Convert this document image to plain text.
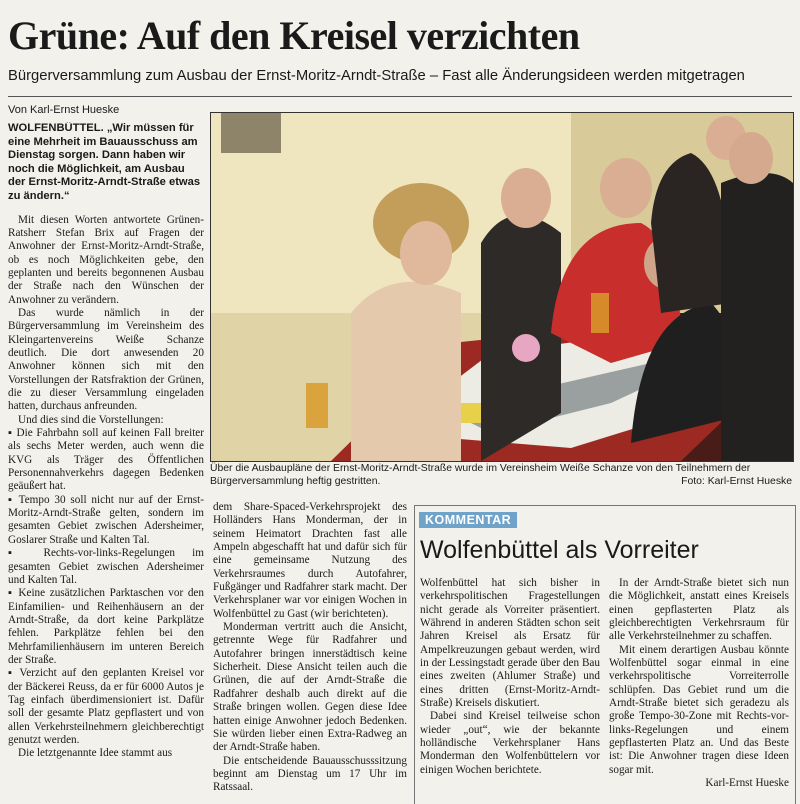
Grüne: Auf den Kreisel verzichten
Bürgerversammlung zum Ausbau der Ernst-Moritz-Arndt-Straße – Fast alle Änderungsideen werden mitgetragen
Von Karl-Ernst Hueske

WOLFENBÜTTEL. „Wir müssen für eine Mehrheit im Bauausschuss am Dienstag sorgen. Dann haben wir noch die Möglichkeit, am Ausbau der Ernst-Moritz-Arndt-Straße etwas zu ändern.“

Mit diesen Worten antwortete Grünen-Ratsherr Stefan Brix auf Fragen der Anwohner der Ernst-Moritz-Arndt-Straße, ob es noch Möglichkeiten gebe, den geplanten und bereits begonnenen Ausbau der Straße nach den Wünschen der Anwohner zu verändern.

Das wurde nämlich in der Bürgerversammlung im Vereinsheim des Kleingartenvereins Weiße Schanze deutlich. Die dort anwesenden 20 Anwohner können sich mit den Vorstellungen der Ratsfraktion der Grünen, die zu dieser Versammlung eingeladen hatten, durchaus anfreunden.

Und dies sind die Vorstellungen:

▪ Die Fahrbahn soll auf keinen Fall breiter als sechs Meter werden, auch wenn die KVG als Träger des Öffentlichen Personennahverkehrs dagegen Bedenken geäußert hat.

▪ Tempo 30 soll nicht nur auf der Ernst-Moritz-Arndt-Straße gelten, sondern im gesamten Gebiet zwischen Adersheimer, Goslarer Straße und Kalten Tal.

▪ Rechts-vor-links-Regelungen im gesamten Gebiet zwischen Adersheimer und Kalten Tal.

▪ Keine zusätzlichen Parktaschen vor den Einfamilien- und Reihenhäusern an der Arndt-Straße, da dort keine Parkplätze fehlen. Parkplätze fehlen bei den Mehrfamilienhäusern im unteren Bereich der Straße.

▪ Verzicht auf den geplanten Kreisel vor der Bäckerei Reuss, da er für 6000 Autos je Tag einfach überdimensioniert ist. Dafür soll der gesamte Platz gepflastert und von allen Verkehrsteilnehmern gleichberechtigt genutzt werden.

Die letztgenannte Idee stammt aus

Über die Ausbaupläne der Ernst-Moritz-Arndt-Straße wurde im Vereinsheim Weiße Schanze von den Teilnehmern der Bürgerversammlung heftig gestritten.	Foto: Karl-Ernst Hueske

dem Share-Spaced-Verkehrsprojekt des Holländers Hans Monderman, der in seinem Heimatort Drachten fast alle Ampeln abgeschafft hat und dafür sich für eine gemeinsame Nutzung des Verkehrsraumes durch Autofahrer, Fußgänger und Radfahrer stark macht. Der Verkehrsplaner war vor einigen Wochen in Wolfenbüttel zu Gast (wir berichteten).

Monderman vertritt auch die Ansicht, getrennte Wege für Radfahrer und Autofahrer bringen innerstädtisch keine Sicherheit. Diese Ansicht teilen auch die Grünen, die auf der Arndt-Straße die Radfahrer deshalb auch direkt auf die Straße bringen wollen. Gegen diese Idee hatten einige Anwohner jedoch Bedenken. Sie würden lieber einen Extra-Radweg an der Arndt-Straße haben.

Die entscheidende Bauausschusssitzung beginnt am Dienstag um 17 Uhr im Ratssaal.

KOMMENTAR
Wolfenbüttel als Vorreiter

Wolfenbüttel hat sich bisher in verkehrspolitischen Fragestellungen nicht gerade als Vorreiter präsentiert. Während in anderen Städten schon seit Jahren Kreisel als Ersatz für Ampelkreuzungen gebaut werden, wird in der Lessingstadt gerade über den Bau eines zweiten (Ahlumer Straße) und eines dritten (Ernst-Moritz-Arndt-Straße) Kreisels diskutiert.

Dabei sind Kreisel teilweise schon wieder „out“, wie der bekannte holländische Verkehrsplaner Hans Monderman den Wolfenbüttelern vor einigen Wochen berichtete.

In der Arndt-Straße bietet sich nun die Möglichkeit, anstatt eines Kreisels einen gepflasterten Platz als gleichberechtigten Verkehrsraum für alle Verkehrsteilnehmer zu schaffen.

Mit einem derartigen Ausbau könnte Wolfenbüttel sogar einmal in eine verkehrspolitische Vorreiterrolle schlüpfen. Das Gebiet rund um die Arndt-Straße bietet sich geradezu als große Tempo-30-Zone mit Rechts-vor-links-Regelungen und einem gepflasterten Platz an. Und das Beste ist: Die Anwohner tragen diese Ideen sogar mit.

Karl-Ernst Hueske
